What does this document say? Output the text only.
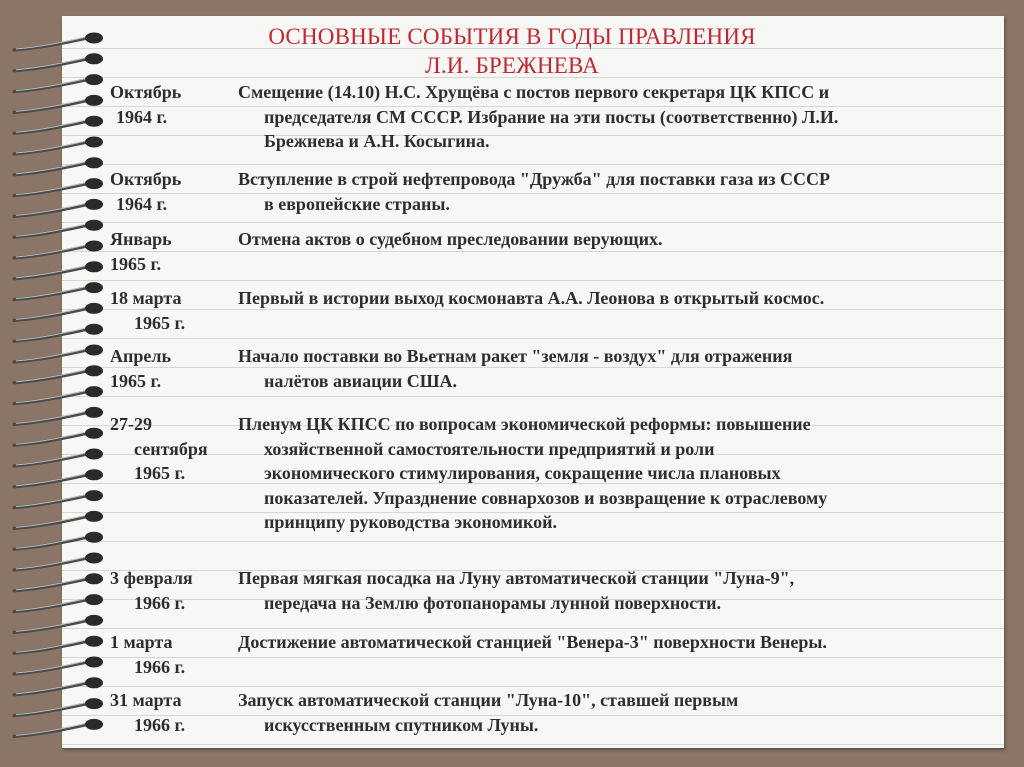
ОСНОВНЫЕ СОБЫТИЯ В ГОДЫ ПРАВЛЕНИЯ
Л.И. БРЕЖНЕВА
Октябрь
1964 г.
Смещение (14.10) Н.С. Хрущёва с постов первого секретаря ЦК КПСС и
председателя СМ СССР. Избрание на эти посты (соответственно) Л.И.
Брежнева и А.Н. Косыгина.
Октябрь
1964 г.
Вступление в строй нефтепровода "Дружба" для поставки газа из СССР
в европейские страны.
Январь
1965 г.
Отмена актов о судебном преследовании верующих.
18 марта
1965 г.
Первый в истории выход космонавта А.А. Леонова в открытый космос.
Апрель
1965 г.
Начало поставки во Вьетнам ракет "земля - воздух" для отражения
налётов авиации США.
27-29
сентября
1965 г.
Пленум ЦК КПСС по вопросам экономической реформы: повышение
хозяйственной самостоятельности предприятий и роли
экономического стимулирования, сокращение числа плановых
показателей. Упразднение совнархозов и возвращение к отраслевому
принципу руководства экономикой.
3 февраля
1966 г.
Первая мягкая посадка на Луну автоматической станции "Луна-9",
передача на Землю фотопанорамы лунной поверхности.
1 марта
1966 г.
Достижение автоматической станцией "Венера-3" поверхности Венеры.
31 марта
1966 г.
Запуск автоматической станции "Луна-10", ставшей первым
искусственным спутником Луны.
